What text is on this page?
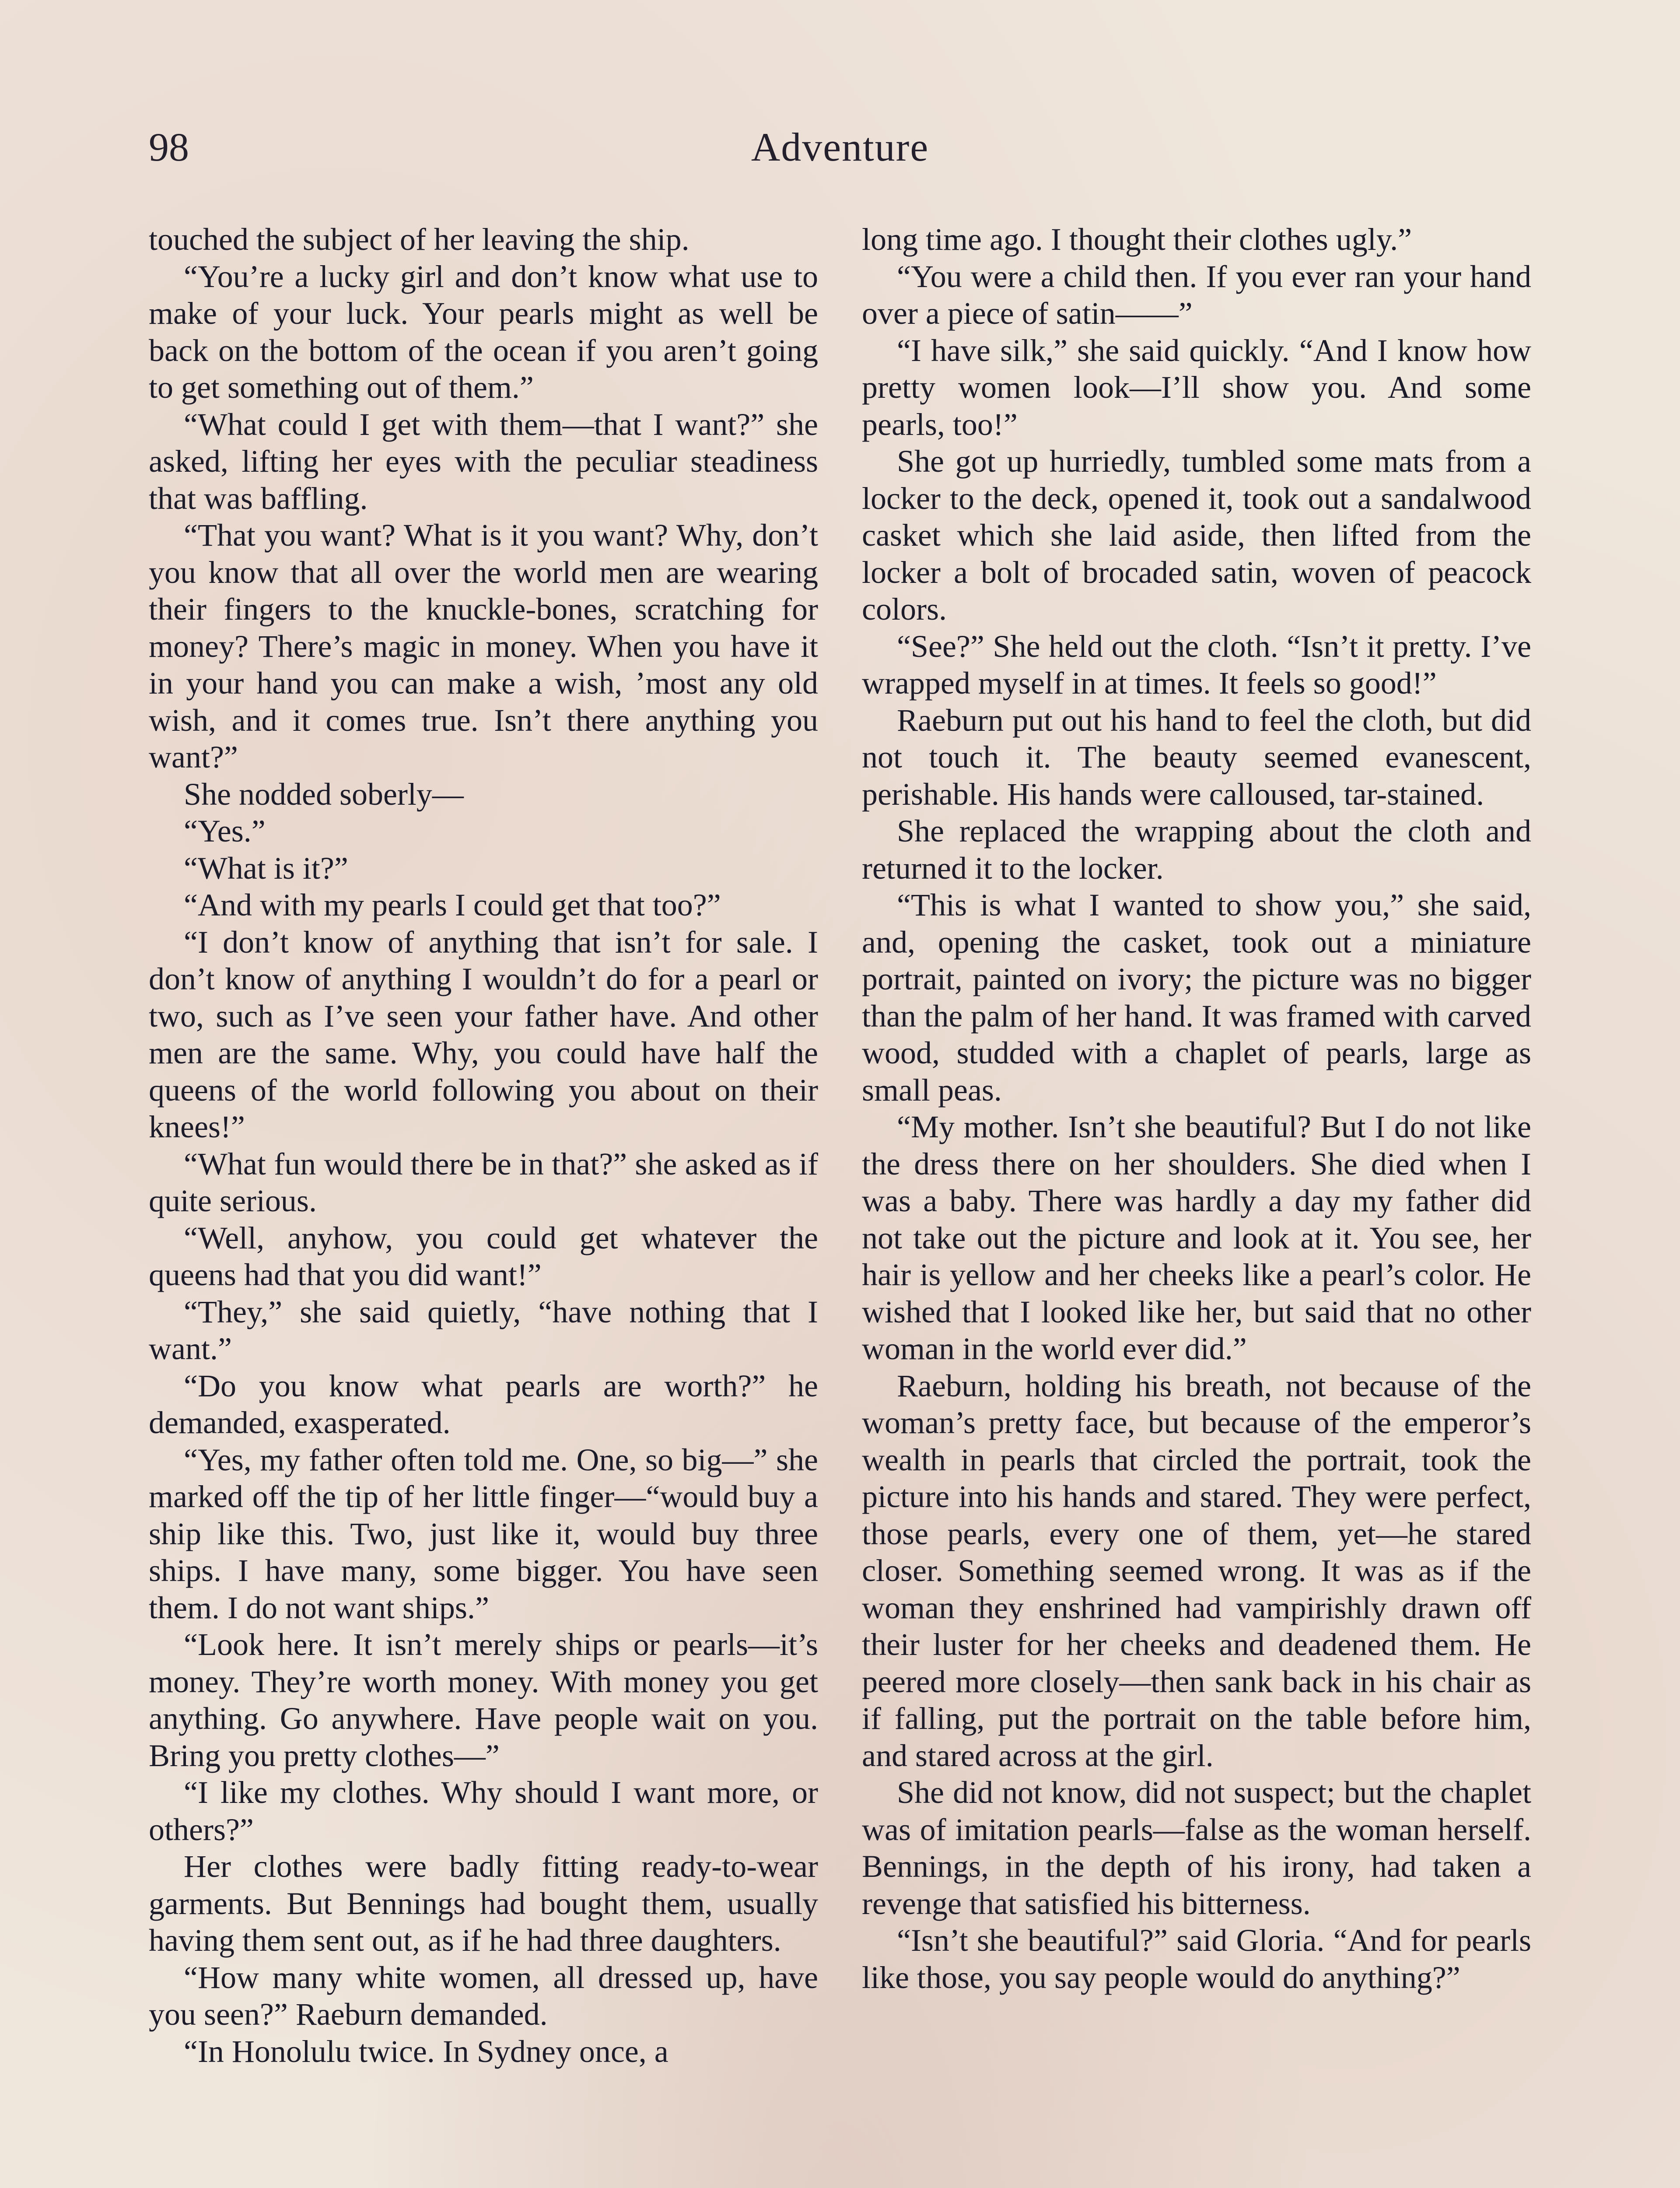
98	Adventure

touched the subject of her leaving the ship.

“You’re a lucky girl and don’t know what use to make of your luck. Your pearls might as well be back on the bottom of the ocean if you aren’t going to get something out of them.”

“What could I get with them—that I want?” she asked, lifting her eyes with the peculiar steadiness that was baffling.

“That you want? What is it you want? Why, don’t you know that all over the world men are wearing their fingers to the knuckle-bones, scratching for money? There’s magic in money. When you have it in your hand you can make a wish, ’most any old wish, and it comes true. Isn’t there anything you want?”

She nodded soberly—

“Yes.”

“What is it?”

“And with my pearls I could get that too?”

“I don’t know of anything that isn’t for sale. I don’t know of anything I wouldn’t do for a pearl or two, such as I’ve seen your father have. And other men are the same. Why, you could have half the queens of the world following you about on their knees!”

“What fun would there be in that?” she asked as if quite serious.

“Well, anyhow, you could get whatever the queens had that you did want!”

“They,” she said quietly, “have nothing that I want.”

“Do you know what pearls are worth?” he demanded, exasperated.

“Yes, my father often told me. One, so big—” she marked off the tip of her little finger—“would buy a ship like this. Two, just like it, would buy three ships. I have many, some bigger. You have seen them. I do not want ships.”

“Look here. It isn’t merely ships or pearls—it’s money. They’re worth money. With money you get anything. Go anywhere. Have people wait on you. Bring you pretty clothes—”

“I like my clothes. Why should I want more, or others?”

Her clothes were badly fitting ready-to-wear garments. But Bennings had bought them, usually having them sent out, as if he had three daughters.

“How many white women, all dressed up, have you seen?” Raeburn demanded.

“In Honolulu twice. In Sydney once, a

long time ago. I thought their clothes ugly.”

“You were a child then. If you ever ran your hand over a piece of satin——”

“I have silk,” she said quickly. “And I know how pretty women look—I’ll show you. And some pearls, too!”

She got up hurriedly, tumbled some mats from a locker to the deck, opened it, took out a sandalwood casket which she laid aside, then lifted from the locker a bolt of brocaded satin, woven of peacock colors.

“See?” She held out the cloth. “Isn’t it pretty. I’ve wrapped myself in at times. It feels so good!”

Raeburn put out his hand to feel the cloth, but did not touch it. The beauty seemed evanescent, perishable. His hands were calloused, tar-stained.

She replaced the wrapping about the cloth and returned it to the locker.

“This is what I wanted to show you,” she said, and, opening the casket, took out a miniature portrait, painted on ivory; the picture was no bigger than the palm of her hand. It was framed with carved wood, studded with a chaplet of pearls, large as small peas.

“My mother. Isn’t she beautiful? But I do not like the dress there on her shoulders. She died when I was a baby. There was hardly a day my father did not take out the picture and look at it. You see, her hair is yellow and her cheeks like a pearl’s color. He wished that I looked like her, but said that no other woman in the world ever did.”

Raeburn, holding his breath, not because of the woman’s pretty face, but because of the emperor’s wealth in pearls that circled the portrait, took the picture into his hands and stared. They were perfect, those pearls, every one of them, yet—he stared closer. Something seemed wrong. It was as if the woman they enshrined had vampirishly drawn off their luster for her cheeks and deadened them. He peered more closely—then sank back in his chair as if falling, put the portrait on the table before him, and stared across at the girl.

She did not know, did not suspect; but the chaplet was of imitation pearls—false as the woman herself. Bennings, in the depth of his irony, had taken a revenge that satisfied his bitterness.

“Isn’t she beautiful?” said Gloria. “And for pearls like those, you say people would do anything?”
